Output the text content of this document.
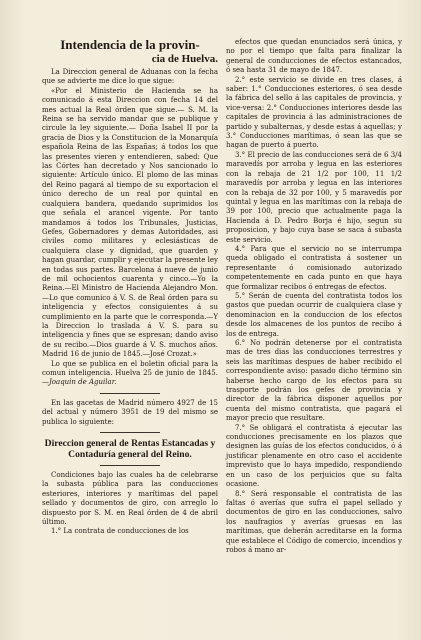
Intendencia de la provin-
cia de Huelva.

La Direccion general de Aduanas con la fecha que se advierte me dice lo que sigue:

«Por el Ministerio de Hacienda se ha comunicado á esta Direccion con fecha 14 del mes actual la Real órden que sigue.— S. M. la Reina se ha servido mandar que se publique y circule la ley siguiente.— Doña Isabel II por la gracia de Dios y la Constitucion de la Monarquía española Reina de las Españas; á todos los que las presentes vieren y entendieren, sabed: Que las Córtes han decretado y Nos sancionado lo siguiente: Artículo único. El plomo de las minas del Reino pagará al tiempo de su exportacion el único derecho de un real por quintal en cualquiera bandera, quedando suprimidos los que señala el arancel vigente. Por tanto mandamos á todos los Tribunales, Justicias, Gefes, Gobernadores y demas Autoridades, asi civiles como militares y eclesiásticas de cualquiera clase y dignidad, que guarden y hagan guardar, cumplir y ejecutar la presente ley en todas sus partes. Barcelona á nueve de junio de mil ochocientos cuarenta y cinco.—Yo la Reina.—El Ministro de Hacienda Alejandro Mon.—Lo que comunico á V. S. de Real órden para su inteligencia y efectos consiguientes á su cumplimiento en la parte que le corresponda.—Y la Direccion lo traslada á V. S. para su inteligencia y fines que se espresan; dando aviso de su recibo.—Dios guarde á V. S. muchos años. Madrid 16 de junio de 1845.—José Crozat.»

Lo que se publica en el boletin oficial para la comun inteligencia. Huelva 25 de junio de 1845.—Joaquin de Aguilar.

En las gacetas de Madrid número 4927 de 15 del actual y número 3951 de 19 del mismo se publica lo siguiente:

Direccion general de Rentas Estancadas y Contaduría general del Reino.

Condiciones bajo las cuales ha de celebrarse la subasta pública para las conducciones esteriores, interiores y marítimas del papel sellado y documentos de giro, con arreglo lo dispuesto por S. M. en Real órden de 4 de abril último.

1.° La contrata de conducciones de los

efectos que quedan enunciados será única, y no por el tiempo que falta para finalizar la general de conducciones de efectos estancados, ó sea hasta 31 de mayo de 1847.

2.° este servicio se divide en tres clases, á saber: 1.° Conducciones esteriores, ó sea desde la fábrica del sello á las capitales de provincia, y vice-versa: 2.° Conducciones interiores desde las capitales de provincia á las administraciones de partido y subalternas, y desde estas á aquellas; y 3.° Conducciones marítimas, ó sean las que se hagan de puerto á puerto.

3.° El precio de las conducciones será de 6 3/4 maravedís por arroba y legua en las esteriores con la rebaja de 21 1/2 por 100, 11 1/2 maravedís por arroba y legua en las interiores con la rebaja de 32 por 100, y 5 maravedís por quintal y legua en las marítimas con la rebaja de 39 por 100, precio que actualmente paga la Hacienda á D. Pedro Borja é hijo, segun su proposicion, y bajo cuya base se saca á subasta este servicio.

4.° Para que el servicio no se interrumpa queda obligado el contratista á sostener un representante ó comisionado autorizado competentemente en cada punto en que haya que formalizar recibos ó entregas de efectos.

5.° Serán de cuenta del contratista todos los gastos que puedan ocurrir de cualquiera clase y denominacion en la conduccion de los efectos desde los almacenes de los puntos de recibo á los de entrega.

6.° No podrán detenerse por el contratista mas de tres dias las conducciones terrestres y seis las marítimas despues de haber recibido el correspondiente aviso: pasado dicho término sin haberse hecho cargo de los efectos para su trasporte podrán los gefes de provincia y director de la fábrica disponer aquellos por cuenta del mismo contratista, que pagará el mayor precio que resultare.

7.° Se obligará el contratista á ejecutar las conducciones precisamente en los plazos que designen las guías de los efectos conducidos, ó á justificar plenamente en otro caso el accidente imprevisto que lo haya impedido, respondiendo en un caso de los perjuicios que su falta ocasione.

8.° Será responsable el contratista de las faltas ó averías que sufra el papel sellado y documentos de giro en las conducciones, salvo los naufragios y averías gruesas en las marítimas, que deberán acreditarse en la forma que establece el Código de comercio, incendios y robos á mano ar-
